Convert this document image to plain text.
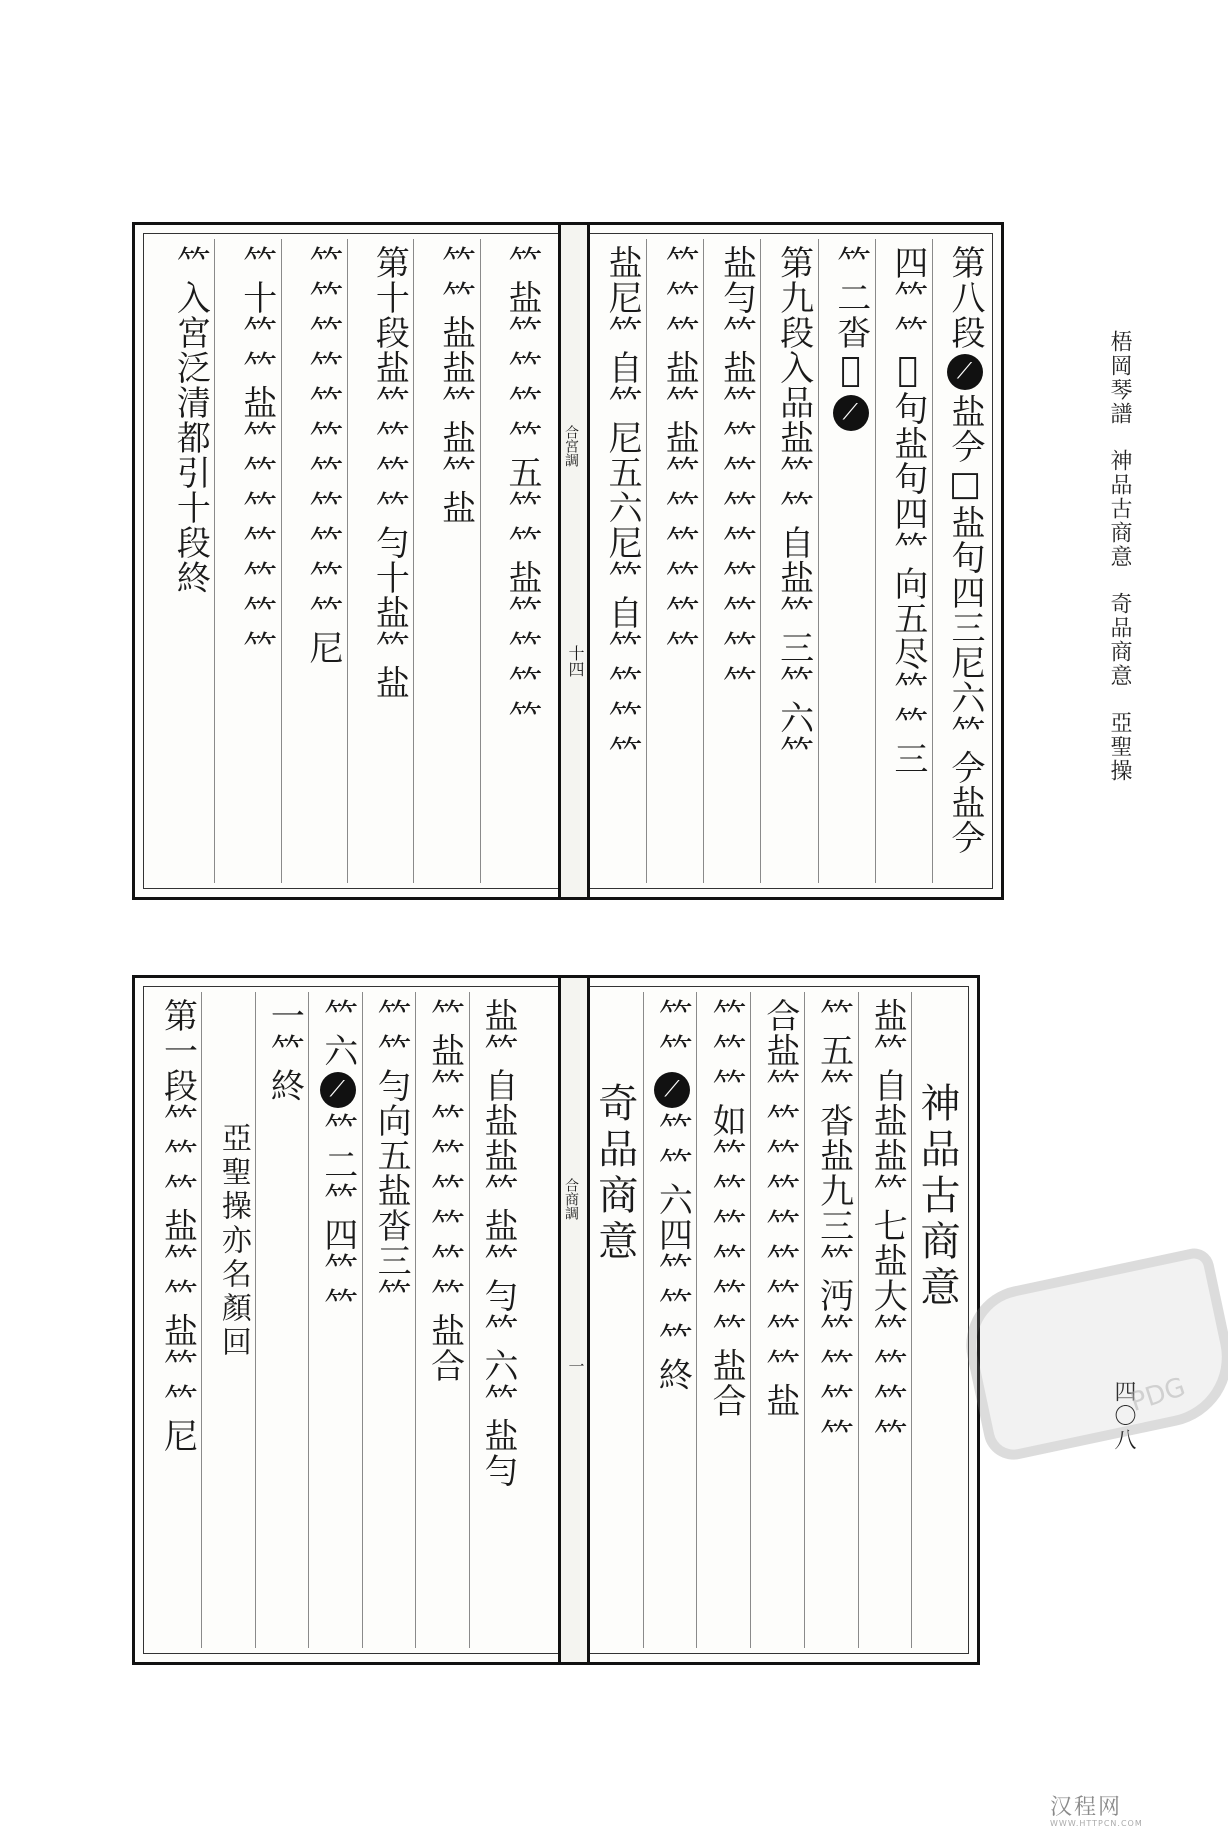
梧岡琴譜 神品古商意 奇品商意 亞聖操
四〇八
第八段⟋盐𫝆□盐句四三尼六𥫗𫝆盐𫝆
四𥫗𥫗𠀉句盐句四𥫗向五尽𥫗𥫗三
𥫗二沓𠀉⟋
第九段入品盐𥫗𥫗自盐𥫗三𥫗六𥫗
盐勻𥫗盐𥫗𥫗𥫗𥫗𥫗𥫗𥫗𥫗𥫗
𥫗𥫗𥫗盐𥫗盐𥫗𥫗𥫗𥫗𥫗𥫗
盐尼𥫗自𥫗尼五六尼𥫗自𥫗𥫗𥫗𥫗
合宮調
十四
𥫗盐𥫗𥫗𥫗𥫗五𥫗𥫗盐𥫗𥫗𥫗𥫗
𥫗𥫗盐盐𥫗盐𥫗盐
第十段盐𥫗𥫗𥫗𥫗勻十盐𥫗盐
𥫗𥫗𥫗𥫗𥫗𥫗𥫗𥫗𥫗𥫗𥫗尼
𥫗十𥫗𥫗盐𥫗𥫗𥫗𥫗𥫗𥫗𥫗
𥫗入宮泛清都引十段終
神品古商意
盐𥫗自盐盐𥫗七盐大𥫗𥫗𥫗𥫗
𥫗五𥫗沓盐九三𥫗沔𥫗𥫗𥫗𥫗
合盐𥫗𥫗𥫗𥫗𥫗𥫗𥫗𥫗𥫗盐
𥫗𥫗𥫗如𥫗𥫗𥫗𥫗𥫗𥫗盐合
𥫗𥫗⟋𥫗𥫗六四𥫗𥫗𥫗終
奇品商意
合商調
一
盐𥫗自盐盐𥫗盐𥫗勻𥫗六𥫗盐勻
𥫗盐𥫗𥫗𥫗𥫗𥫗𥫗𥫗盐合
𥫗𥫗勻向五盐沓三𥫗
𥫗六⟋𥫗二𥫗四𥫗𥫗
一𥫗終
亞聖操亦名顏回
第一段𥫗𥫗𥫗盐𥫗𥫗盐𥫗𥫗尼	PDG
汉程网
WWW.HTTPCN.COM
